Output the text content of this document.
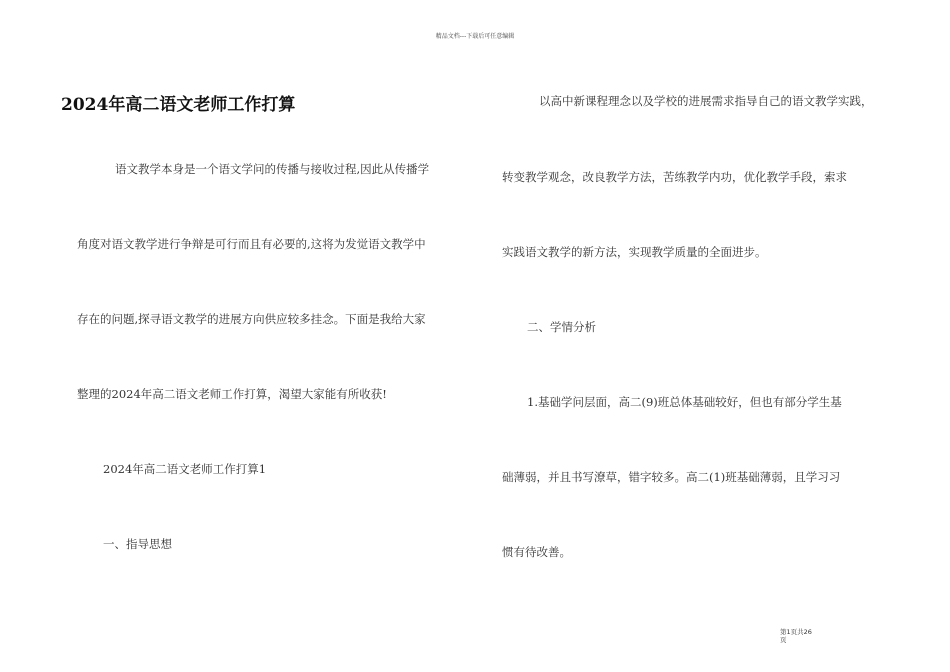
精品文档---下载后可任意编辑
2024年高二语文老师工作打算
语文教学本身是一个语文学问的传播与接收过程,因此从传播学
角度对语文教学进行争辩是可行而且有必要的,这将为发觉语文教学中
存在的问题,探寻语文教学的进展方向供应较多挂念。下面是我给大家
整理的2024年高二语文老师工作打算，渴望大家能有所收获!
2024年高二语文老师工作打算1
一、指导思想
以高中新课程理念以及学校的进展需求指导自己的语文教学实践，
转变教学观念，改良教学方法，苦练教学内功，优化教学手段，索求
实践语文教学的新方法，实现教学质量的全面进步。
二、学情分析
1.基础学问层面，高二(9)班总体基础较好，但也有部分学生基
础薄弱，并且书写潦草，错字较多。高二(1)班基础薄弱，且学习习
惯有待改善。
第1页共26
页
